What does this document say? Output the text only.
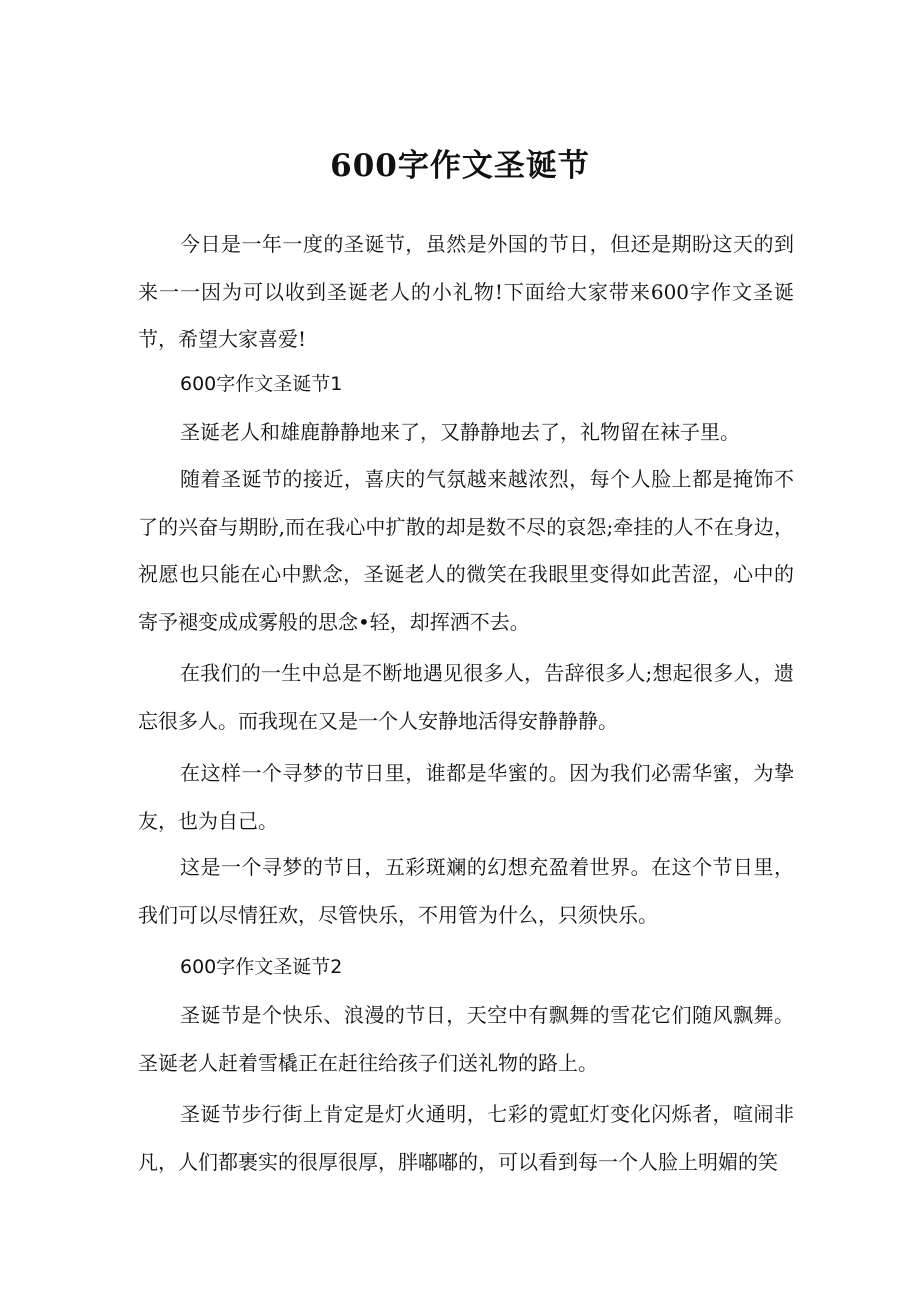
600字作文圣诞节

今日是一年一度的圣诞节，虽然是外国的节日，但还是期盼这天的到来一一因为可以收到圣诞老人的小礼物!下面给大家带来600字作文圣诞节，希望大家喜爱!

600字作文圣诞节1

圣诞老人和雄鹿静静地来了，又静静地去了，礼物留在袜子里。

随着圣诞节的接近，喜庆的气氛越来越浓烈，每个人脸上都是掩饰不了的兴奋与期盼,而在我心中扩散的却是数不尽的哀怨;牵挂的人不在身边，祝愿也只能在心中默念，圣诞老人的微笑在我眼里变得如此苦涩，心中的寄予褪变成成雾般的思念•轻，却挥洒不去。

在我们的一生中总是不断地遇见很多人，告辞很多人;想起很多人，遗忘很多人。而我现在又是一个人安静地活得安静静静。

在这样一个寻梦的节日里，谁都是华蜜的。因为我们必需华蜜，为挚友，也为自己。

这是一个寻梦的节日，五彩斑斓的幻想充盈着世界。在这个节日里，我们可以尽情狂欢，尽管快乐，不用管为什么，只须快乐。

600字作文圣诞节2

圣诞节是个快乐、浪漫的节日，天空中有飘舞的雪花它们随风飘舞。圣诞老人赶着雪橇正在赶往给孩子们送礼物的路上。

圣诞节步行街上肯定是灯火通明，七彩的霓虹灯变化闪烁者，喧闹非凡，人们都裹实的很厚很厚，胖嘟嘟的，可以看到每一个人脸上明媚的笑
